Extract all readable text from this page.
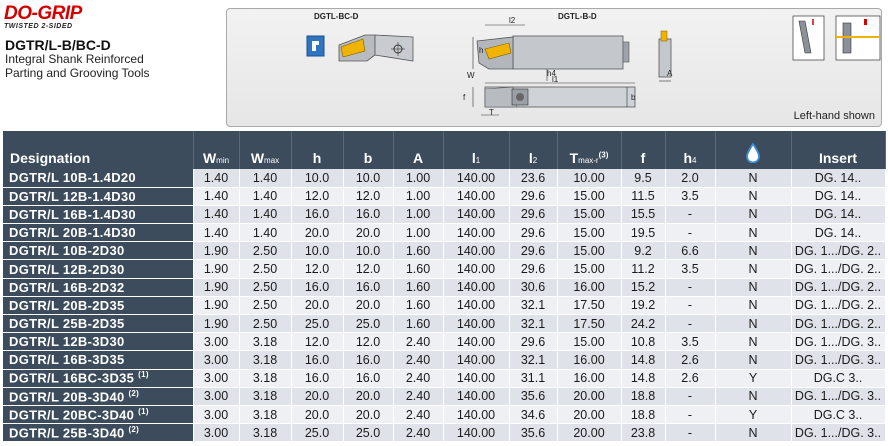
DO-GRIP
TWISTED 2-SIDED
DGTR/L-B/BC-D
Integral Shank Reinforced
Parting and Grooving Tools
DGTL-BC-D	DGTL-B-D
l2
h
h4
W
f
l1
T
b
A
Left-hand shown
Designation	Wmin	Wmax	h	b	A	l1	l2	Tmax-$r^{(3)}$	f	h4		Insert
DGTR/L 10B-1.4D20	1.40	1.40	10.0	10.0	1.00	140.00	23.6	10.00	9.5	2.0	N	DG. 14..
DGTR/L 12B-1.4D30	1.40	1.40	12.0	12.0	1.00	140.00	29.6	15.00	11.5	3.5	N	DG. 14..
DGTR/L 16B-1.4D30	1.40	1.40	16.0	16.0	1.00	140.00	29.6	15.00	15.5	-	N	DG. 14..
DGTR/L 20B-1.4D30	1.40	1.40	20.0	20.0	1.00	140.00	29.6	15.00	19.5	-	N	DG. 14..
DGTR/L 10B-2D30	1.90	2.50	10.0	10.0	1.60	140.00	29.6	15.00	9.2	6.6	N	DG. 1.../DG. 2..
DGTR/L 12B-2D30	1.90	2.50	12.0	12.0	1.60	140.00	29.6	15.00	11.2	3.5	N	DG. 1.../DG. 2..
DGTR/L 16B-2D32	1.90	2.50	16.0	16.0	1.60	140.00	30.6	16.00	15.2	-	N	DG. 1.../DG. 2..
DGTR/L 20B-2D35	1.90	2.50	20.0	20.0	1.60	140.00	32.1	17.50	19.2	-	N	DG. 1.../DG. 2..
DGTR/L 25B-2D35	1.90	2.50	25.0	25.0	1.60	140.00	32.1	17.50	24.2	-	N	DG. 1.../DG. 2..
DGTR/L 12B-3D30	3.00	3.18	12.0	12.0	2.40	140.00	29.6	15.00	10.8	3.5	N	DG. 1.../DG. 3..
DGTR/L 16B-3D35	3.00	3.18	16.0	16.0	2.40	140.00	32.1	16.00	14.8	2.6	N	DG. 1.../DG. 3..
DGTR/L 16BC-3D35 $^{(1)}$	3.00	3.18	16.0	16.0	2.40	140.00	31.1	16.00	14.8	2.6	Y	DG.C 3..
DGTR/L 20B-3D40 $^{(2)}$	3.00	3.18	20.0	20.0	2.40	140.00	35.6	20.00	18.8	-	N	DG. 1.../DG. 3..
DGTR/L 20BC-3D40 $^{(1)}$	3.00	3.18	20.0	20.0	2.40	140.00	34.6	20.00	18.8	-	Y	DG.C 3..
DGTR/L 25B-3D40 $^{(2)}$	3.00	3.18	25.0	25.0	2.40	140.00	35.6	20.00	23.8	-	N	DG. 1.../DG. 3..
